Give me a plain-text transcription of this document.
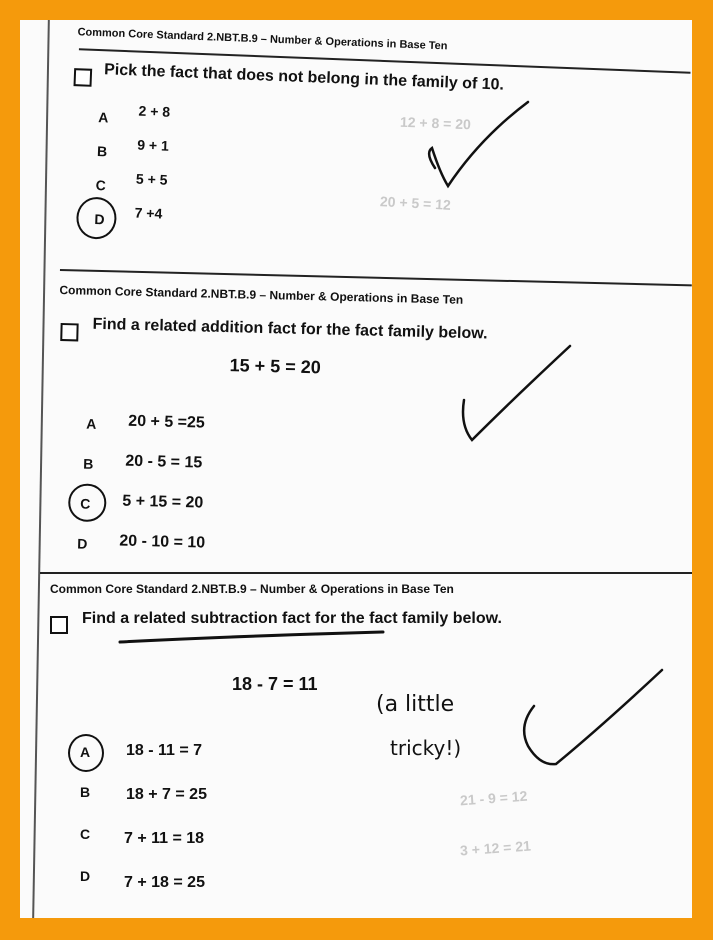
12 + 8 = 20
20 + 5 = 12
21 - 9 = 12
3 + 12 = 21
Common Core Standard 2.NBT.B.9 – Number & Operations in Base Ten
Pick the fact that does not belong in the family of 10.
A 2 + 8
B 9 + 1
C 5 + 5
D 7 +4
Common Core Standard 2.NBT.B.9 – Number & Operations in Base Ten
Find a related addition fact for the fact family below.
15 + 5 = 20
A 20 + 5 =25
B 20 - 5 = 15
C 5 + 15 = 20
D 20 - 10 = 10
Common Core Standard 2.NBT.B.9 – Number & Operations in Base Ten
Find a related subtraction fact for the fact family below.
18 - 7 = 11
A 18 - 11 = 7
B 18 + 7 = 25
C 7 + 11 = 18
D 7 + 18 = 25
(a little
tricky!)
